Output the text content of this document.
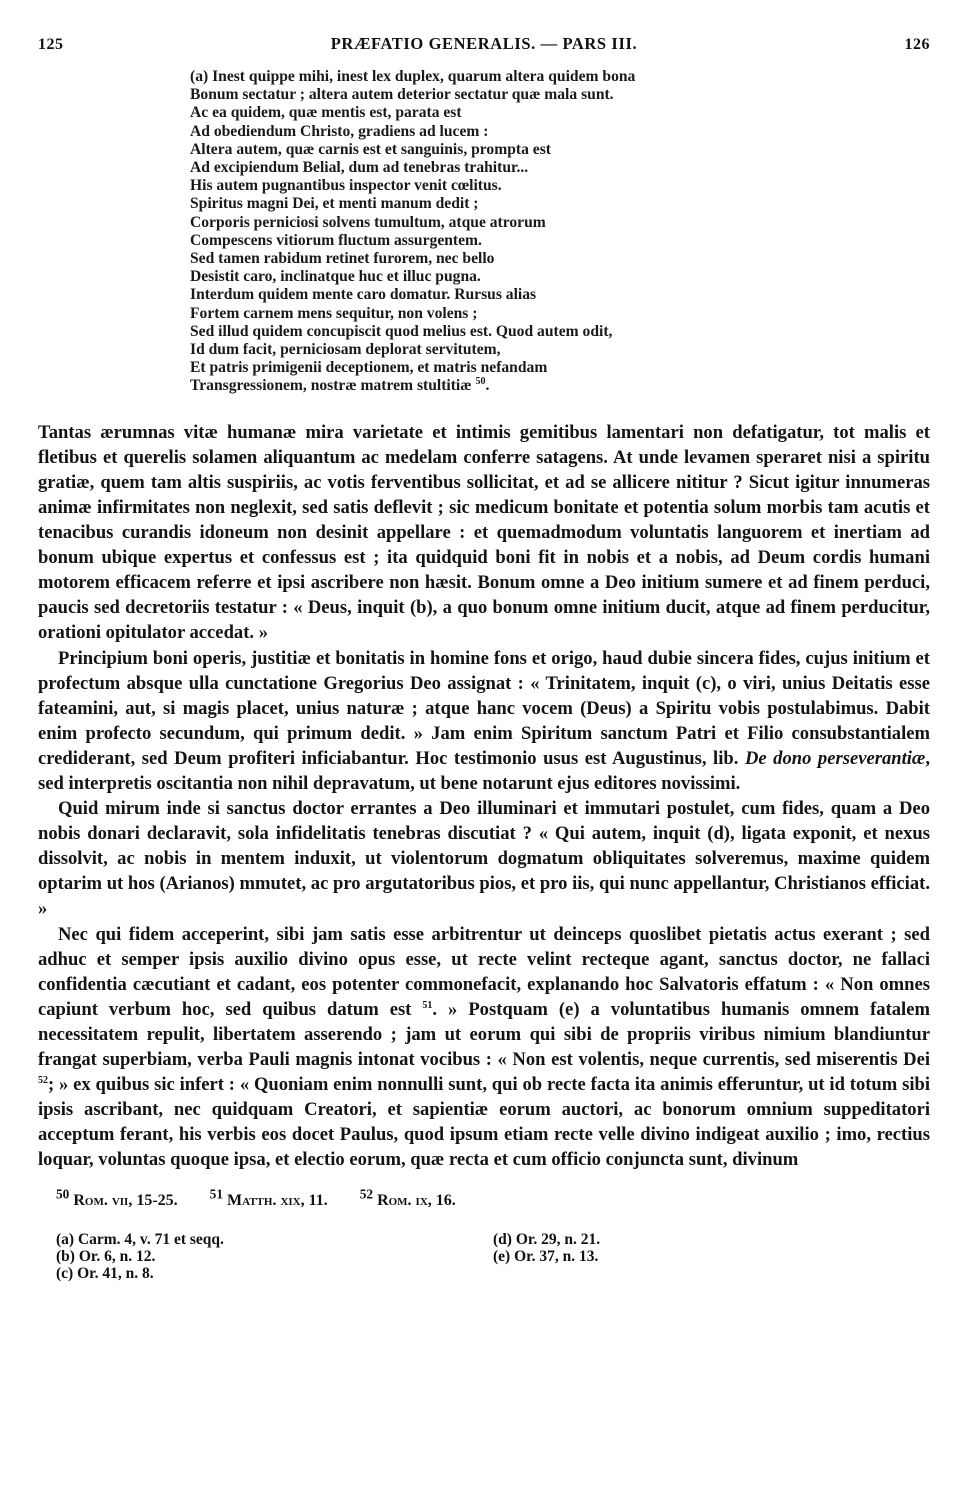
125	PRÆFATIO GENERALIS. — PARS III.	126
(a) Inest quippe mihi, inest lex duplex, quarum altera quidem bona
Bonum sectatur ; altera autem deterior sectatur quæ mala sunt.
Ac ea quidem, quæ mentis est, parata est
Ad obediendum Christo, gradiens ad lucem :
Altera autem, quæ carnis est et sanguinis, prompta est
Ad excipiendum Belial, dum ad tenebras trahitur...
His autem pugnantibus inspector venit cœlitus.
Spiritus magni Dei, et menti manum dedit ;
Corporis perniciosi solvens tumultum, atque atrorum
Compescens vitiorum fluctum assurgentem.
Sed tamen rabidum retinet furorem, nec bello
Desistit caro, inclinatque huc et illuc pugna.
Interdum quidem mente caro domatur. Rursus alias
Fortem carnem mens sequitur, non volens ;
Sed illud quidem concupiscit quod melius est. Quod autem odit,
Id dum facit, perniciosam deplorat servitutem,
Et patris primigenii deceptionem, et matris nefandam
Transgressionem, nostræ matrem stultitiæ $^{50}$.

Tantas ærumnas vitæ humanæ mira varietate et intimis gemitibus lamentari non defatigatur, tot malis et fletibus et querelis solamen aliquantum ac medelam conferre satagens. At unde levamen speraret nisi a spiritu gratiæ, quem tam altis suspiriis, ac votis ferventibus sollicitat, et ad se allicere nititur ? Sicut igitur innumeras animæ infirmitates non neglexit, sed satis deflevit ; sic medicum bonitate et potentia solum morbis tam acutis et tenacibus curandis idoneum non desinit appellare : et quemadmodum voluntatis languorem et inertiam ad bonum ubique expertus et confessus est ; ita quidquid boni fit in nobis et a nobis, ad Deum cordis humani motorem efficacem referre et ipsi ascribere non hæsit. Bonum omne a Deo initium sumere et ad finem perduci, paucis sed decretoriis testatur : « Deus, inquit (b), a quo bonum omne initium ducit, atque ad finem perducitur, orationi opitulator accedat. »

Principium boni operis, justitiæ et bonitatis in homine fons et origo, haud dubie sincera fides, cujus initium et profectum absque ulla cunctatione Gregorius Deo assignat : « Trinitatem, inquit (c), o viri, unius Deitatis esse fateamini, aut, si magis placet, unius naturæ ; atque hanc vocem (Deus) a Spiritu vobis postulabimus. Dabit enim profecto secundum, qui primum dedit. » Jam enim Spiritum sanctum Patri et Filio consubstantialem crediderant, sed Deum profiteri inficiabantur. Hoc testimonio usus est Augustinus, lib. De dono perseverantiæ, sed interpretis oscitantia non nihil depravatum, ut bene notarunt ejus editores novissimi.

Quid mirum inde si sanctus doctor errantes a Deo illuminari et immutari postulet, cum fides, quam a Deo nobis donari declaravit, sola infidelitatis tenebras discutiat ? « Qui autem, inquit (d), ligata exponit, et nexus dissolvit, ac nobis in mentem induxit, ut violentorum dogmatum obliquitates solveremus, maxime quidem optarim ut hos (Arianos) mmutet, ac pro argutatoribus pios, et pro iis, qui nunc appellantur, Christianos efficiat. »

Nec qui fidem acceperint, sibi jam satis esse arbitrentur ut deinceps quoslibet pietatis actus exerant ; sed adhuc et semper ipsis auxilio divino opus esse, ut recte velint recteque agant, sanctus doctor, ne fallaci confidentia cæcutiant et cadant, eos potenter commonefacit, explanando hoc Salvatoris effatum : « Non omnes capiunt verbum hoc, sed quibus datum est $^{51}$. » Postquam (e) a voluntatibus humanis omnem fatalem necessitatem repulit, libertatem asserendo ; jam ut eorum qui sibi de propriis viribus nimium blandiuntur frangat superbiam, verba Pauli magnis intonat vocibus : « Non est volentis, neque currentis, sed miserentis Dei $^{52}$; » ex quibus sic infert : « Quoniam enim nonnulli sunt, qui ob recte facta ita animis efferuntur, ut id totum sibi ipsis ascribant, nec quidquam Creatori, et sapientiæ eorum auctori, ac bonorum omnium suppeditatori acceptum ferant, his verbis eos docet Paulus, quod ipsum etiam recte velle divino indigeat auxilio ; imo, rectius loquar, voluntas quoque ipsa, et electio eorum, quæ recta et cum officio conjuncta sunt, divinum

$^{50}$ Rom. vii, 15-25. $^{51}$ Matth. xix, 11. $^{52}$ Rom. ix, 16.
(a) Carm. 4, v. 71 et seqq.
(b) Or. 6, n. 12.
(c) Or. 41, n. 8.
(d) Or. 29, n. 21.
(e) Or. 37, n. 13.
